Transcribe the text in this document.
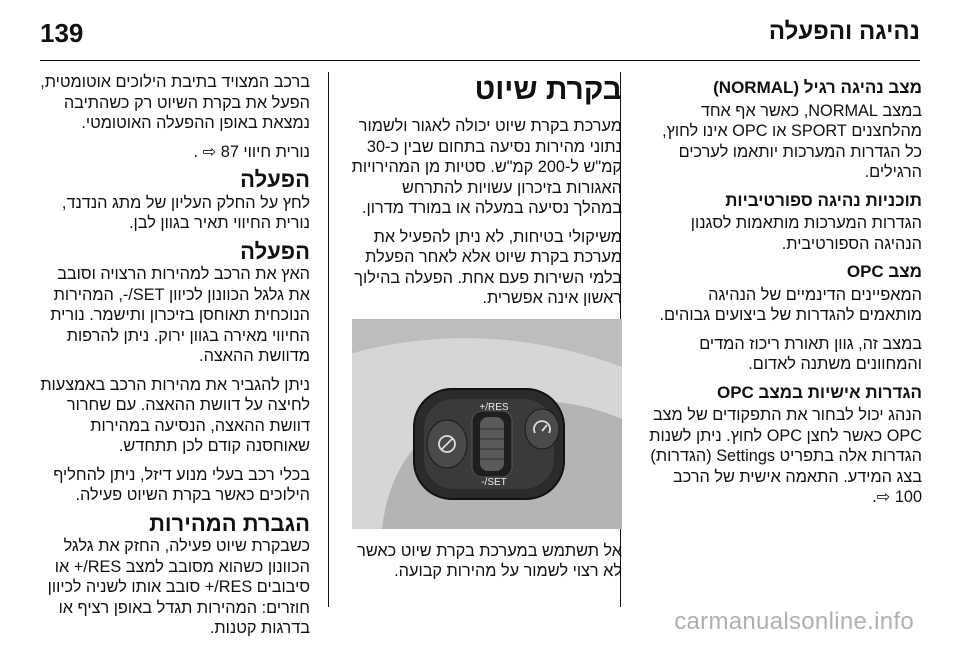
139	נהיגה והפעלה
מצב נהיגה רגיל (NORMAL)

במצב NORMAL, כאשר אף אחד מהלחצנים SPORT או OPC אינו לחוץ, כל הגדרות המערכות יותאמו לערכים הרגילים.

תוכניות נהיגה ספורטיביות

הגדרות המערכות מותאמות לסגנון הנהיגה הספורטיבית.

מצב OPC

המאפיינים הדינמיים של הנהיגה מותאמים להגדרות של ביצועים גבוהים.

במצב זה, גוון תאורת ריכוז המדים והמחוונים משתנה לאדום.

הגדרות אישיות במצב OPC

הנהג יכול לבחור את התפקודים של מצב OPC כאשר לחצן OPC לחוץ. ניתן לשנות הגדרות אלה בתפריט Settings (הגדרות) בצג המידע. התאמה אישית של הרכב 100 ⇨.

בקרת שיוט

מערכת בקרת שיוט יכולה לאגור ולשמור נתוני מהירות נסיעה בתחום שבין כ-30 קמ"ש ל-200 קמ"ש. סטיות מן המהירויות האגורות בזיכרון עשויות להתרחש במהלך נסיעה במעלה או במורד מדרון.

משיקולי בטיחות, לא ניתן להפעיל את מערכת בקרת שיוט אלא לאחר הפעלת בלמי השירות פעם אחת. הפעלה בהילוך ראשון אינה אפשרית.

RES/+
SET/-

אל תשתמש במערכת בקרת שיוט כאשר לא רצוי לשמור על מהירות קבועה.

ברכב המצויד בתיבת הילוכים אוטומטית, הפעל את בקרת השיוט רק כשהתיבה נמצאת באופן ההפעלה האוטומטי.

נורית חיווי 87 ⇨ .

הפעלה

לחץ על החלק העליון של מתג הנדנד, נורית החיווי תאיר בגוון לבן.

הפעלה

האץ את הרכב למהירות הרצויה וסובב את גלגל הכוונון לכיוון SET/-, המהירות הנוכחית תאוחסן בזיכרון ותישמר. נורית החיווי מאירה בגוון ירוק. ניתן להרפות מדוושת ההאצה.

ניתן להגביר את מהירות הרכב באמצעות לחיצה על דוושת ההאצה. עם שחרור דוושת ההאצה, הנסיעה במהירות שאוחסנה קודם לכן תתחדש.

בכלי רכב בעלי מנוע דיזל, ניתן להחליף הילוכים כאשר בקרת השיוט פעילה.

הגברת המהירות

כשבקרת שיוט פעילה, החזק את גלגל הכוונון כשהוא מסובב למצב RES/+ או סיבובים RES/+ סובב אותו לשניה לכיוון חוזרים: המהירות תגדל באופן רציף או בדרגות קטנות.	carmanualsonline.info
